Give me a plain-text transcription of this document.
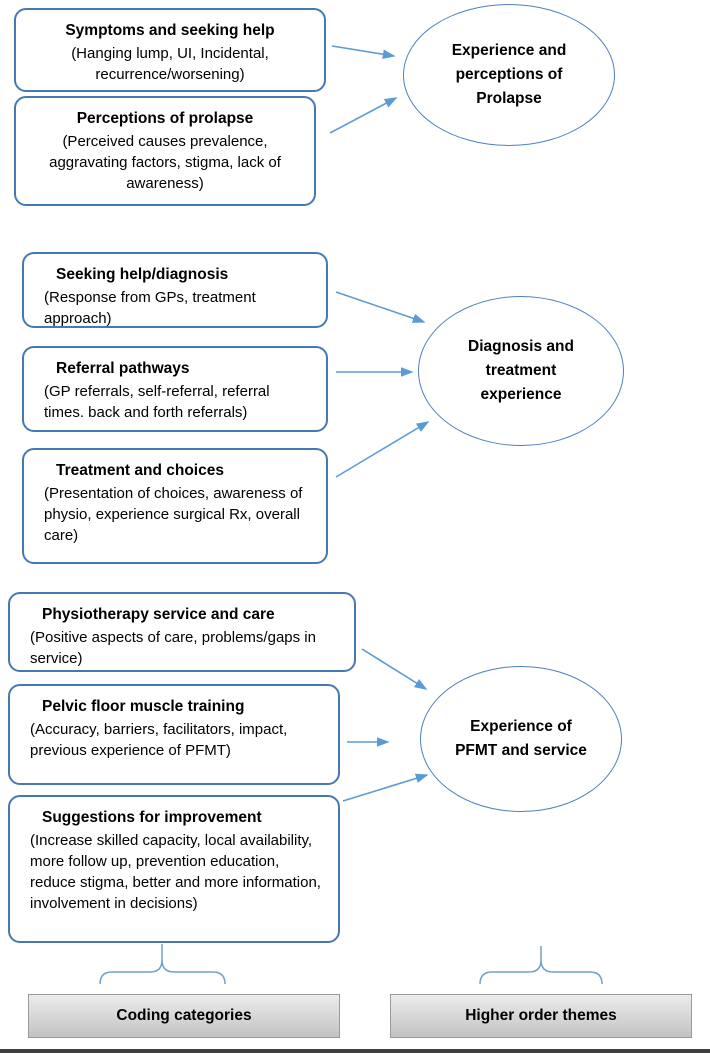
Symptoms and seeking help
(Hanging lump, UI, Incidental, recurrence/worsening)
Perceptions of prolapse
(Perceived causes prevalence, aggravating factors, stigma, lack of awareness)
Experience and perceptions of Prolapse
Seeking help/diagnosis
(Response from GPs, treatment approach)
Referral pathways
(GP referrals, self-referral, referral times. back and forth referrals)
Treatment and choices
(Presentation of choices, awareness of physio, experience surgical Rx, overall care)
Diagnosis and treatment experience
Physiotherapy service and care
(Positive aspects of care, problems/gaps in service)
Pelvic floor muscle training
(Accuracy, barriers, facilitators, impact, previous experience of PFMT)
Suggestions for improvement
(Increase skilled capacity, local availability, more follow up, prevention education, reduce stigma, better and more information, involvement in decisions)
Experience of PFMT and service
Coding categories	Higher order themes
